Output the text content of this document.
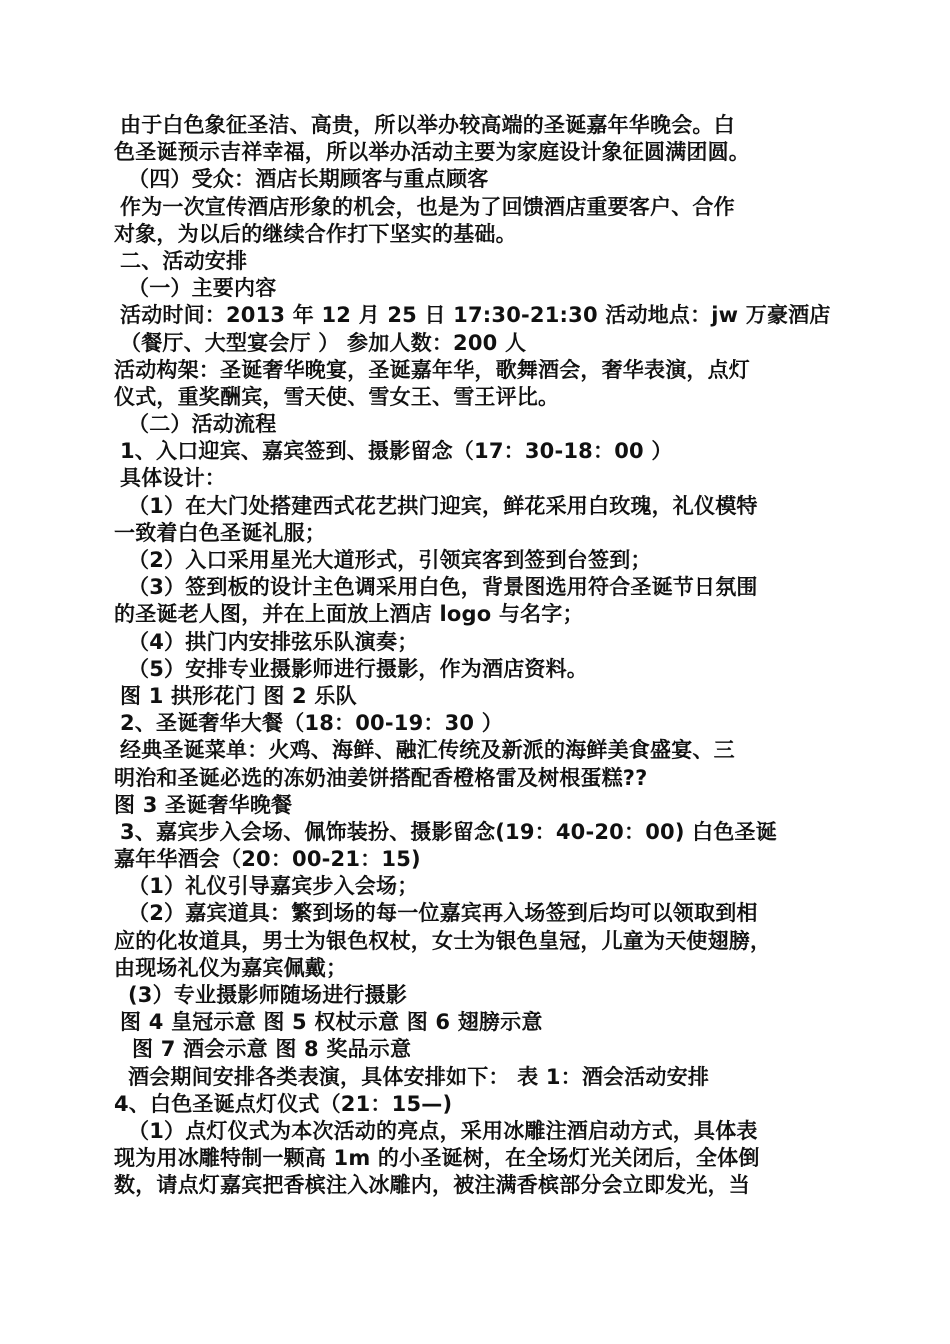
由于白色象征圣洁、高贵，所以举办较高端的圣诞嘉年华晚会。白
色圣诞预示吉祥幸福，所以举办活动主要为家庭设计象征圆满团圆。
（四）受众：酒店长期顾客与重点顾客
作为一次宣传酒店形象的机会，也是为了回馈酒店重要客户、合作
对象，为以后的继续合作打下坚实的基础。
二、活动安排
（一）主要内容
活动时间：2013 年 12 月 25 日 17:30-21:30 活动地点：jw 万豪酒店
（餐厅、大型宴会厅 ） 参加人数：200 人
活动构架：圣诞奢华晚宴，圣诞嘉年华，歌舞酒会，奢华表演，点灯
仪式，重奖酬宾，雪天使、雪女王、雪王评比。
（二）活动流程
1、入口迎宾、嘉宾签到、摄影留念（17：30-18：00 ）
具体设计：
（1）在大门处搭建西式花艺拱门迎宾，鲜花采用白玫瑰，礼仪模特
一致着白色圣诞礼服；
（2）入口采用星光大道形式，引领宾客到签到台签到；
（3）签到板的设计主色调采用白色，背景图选用符合圣诞节日氛围
的圣诞老人图，并在上面放上酒店 logo 与名字；
（4）拱门内安排弦乐队演奏；
（5）安排专业摄影师进行摄影，作为酒店资料。
图 1 拱形花门 图 2 乐队
2、圣诞奢华大餐（18：00-19：30 ）
经典圣诞菜单：火鸡、海鲜、融汇传统及新派的海鲜美食盛宴、三
明治和圣诞必选的冻奶油姜饼搭配香橙格雷及树根蛋糕??
图 3 圣诞奢华晚餐
3、嘉宾步入会场、佩饰装扮、摄影留念(19：40-20：00) 白色圣诞
嘉年华酒会（20：00-21：15)
（1）礼仪引导嘉宾步入会场；
（2）嘉宾道具：繁到场的每一位嘉宾再入场签到后均可以领取到相
应的化妆道具，男士为银色权杖，女士为银色皇冠，儿童为天使翅膀，
由现场礼仪为嘉宾佩戴；
(3）专业摄影师随场进行摄影
图 4 皇冠示意 图 5 权杖示意 图 6 翅膀示意
图 7 酒会示意 图 8 奖品示意
酒会期间安排各类表演，具体安排如下： 表 1：酒会活动安排
4、白色圣诞点灯仪式（21：15—)
（1）点灯仪式为本次活动的亮点，采用冰雕注酒启动方式，具体表
现为用冰雕特制一颗高 1m 的小圣诞树，在全场灯光关闭后，全体倒
数，请点灯嘉宾把香槟注入冰雕内，被注满香槟部分会立即发光，当
